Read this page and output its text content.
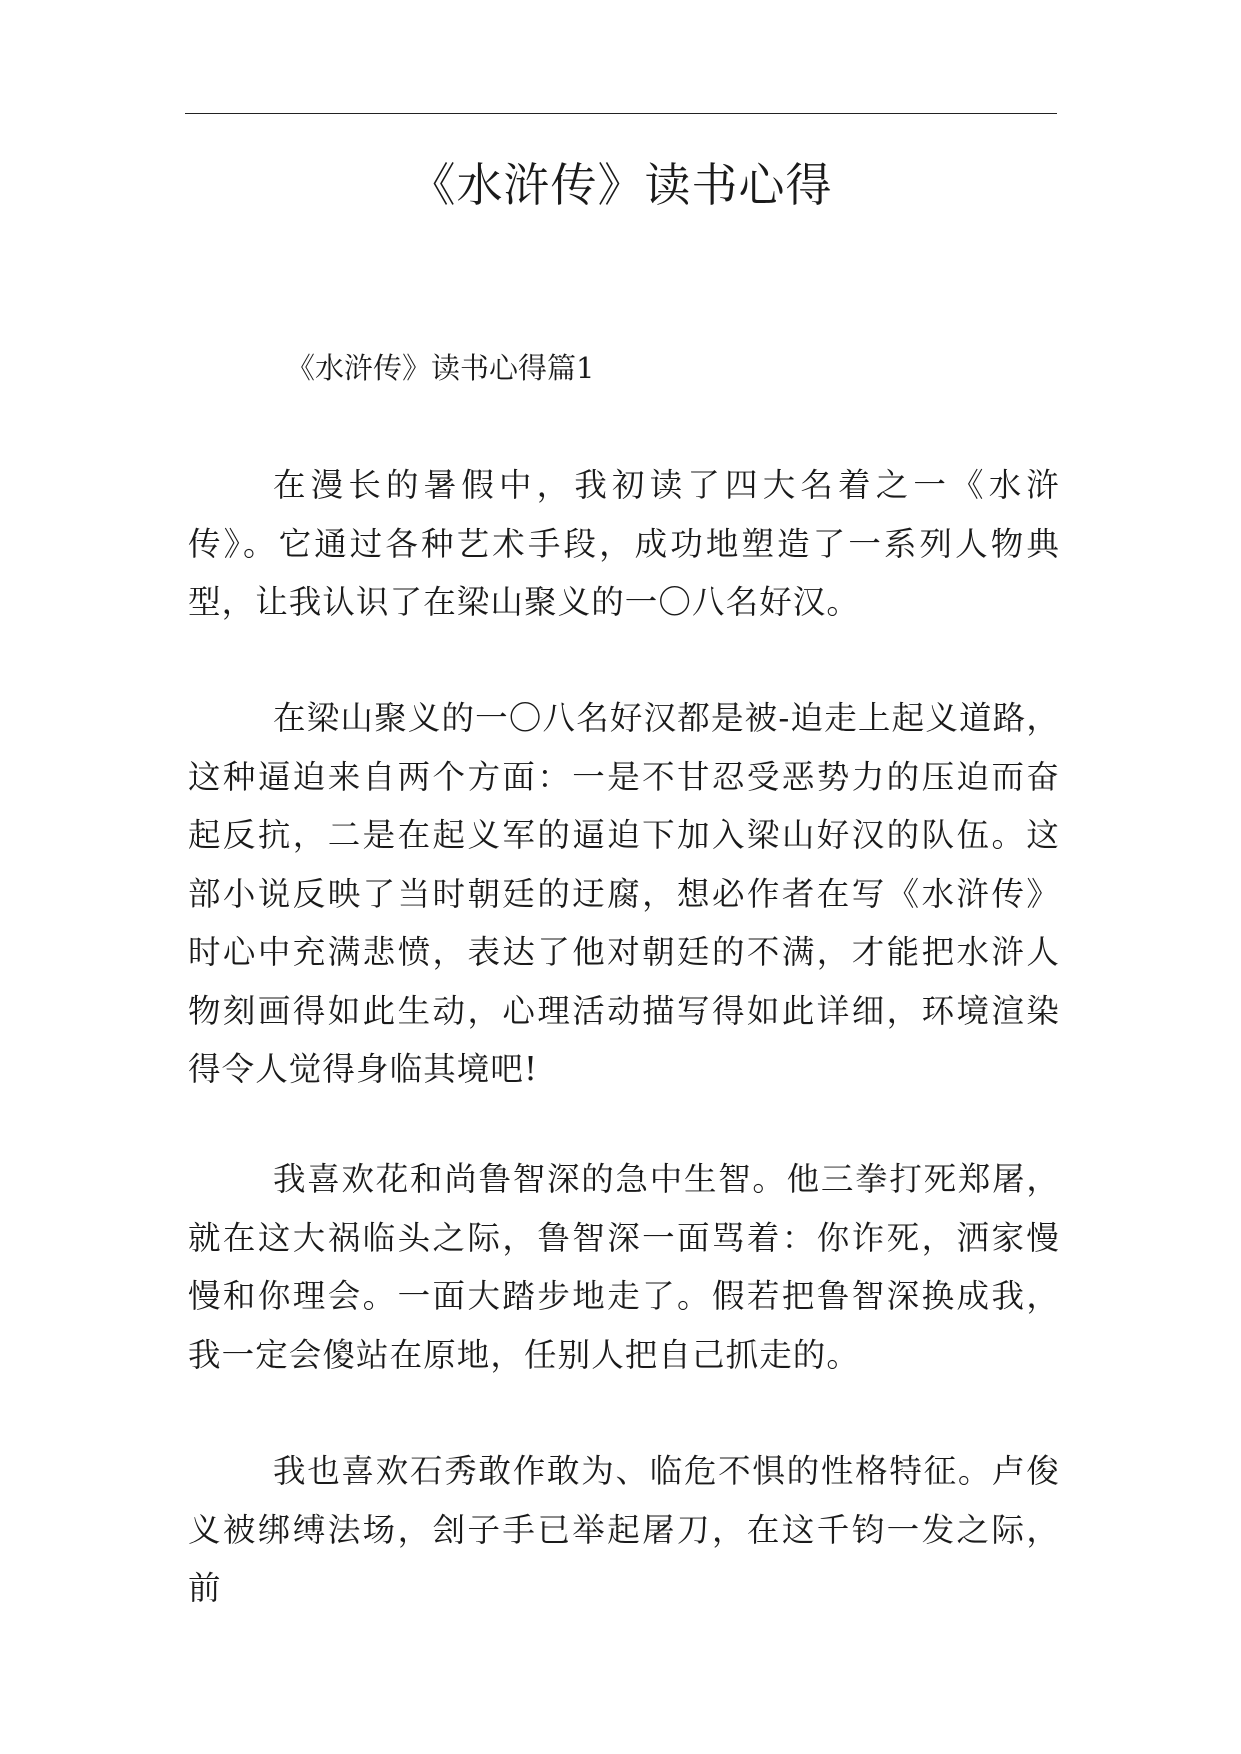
《水浒传》读书心得
《水浒传》读书心得篇1

在漫长的暑假中，我初读了四大名着之一《水浒传》。它通过各种艺术手段，成功地塑造了一系列人物典型，让我认识了在梁山聚义的一〇八名好汉。

在梁山聚义的一〇八名好汉都是被-迫走上起义道路，这种逼迫来自两个方面：一是不甘忍受恶势力的压迫而奋起反抗，二是在起义军的逼迫下加入梁山好汉的队伍。这部小说反映了当时朝廷的迂腐，想必作者在写《水浒传》时心中充满悲愤，表达了他对朝廷的不满，才能把水浒人物刻画得如此生动，心理活动描写得如此详细，环境渲染得令人觉得身临其境吧!

我喜欢花和尚鲁智深的急中生智。他三拳打死郑屠，就在这大祸临头之际，鲁智深一面骂着：你诈死，洒家慢慢和你理会。一面大踏步地走了。假若把鲁智深换成我，我一定会傻站在原地，任别人把自己抓走的。

我也喜欢石秀敢作敢为、临危不惧的性格特征。卢俊义被绑缚法场，刽子手已举起屠刀，在这千钧一发之际，前
